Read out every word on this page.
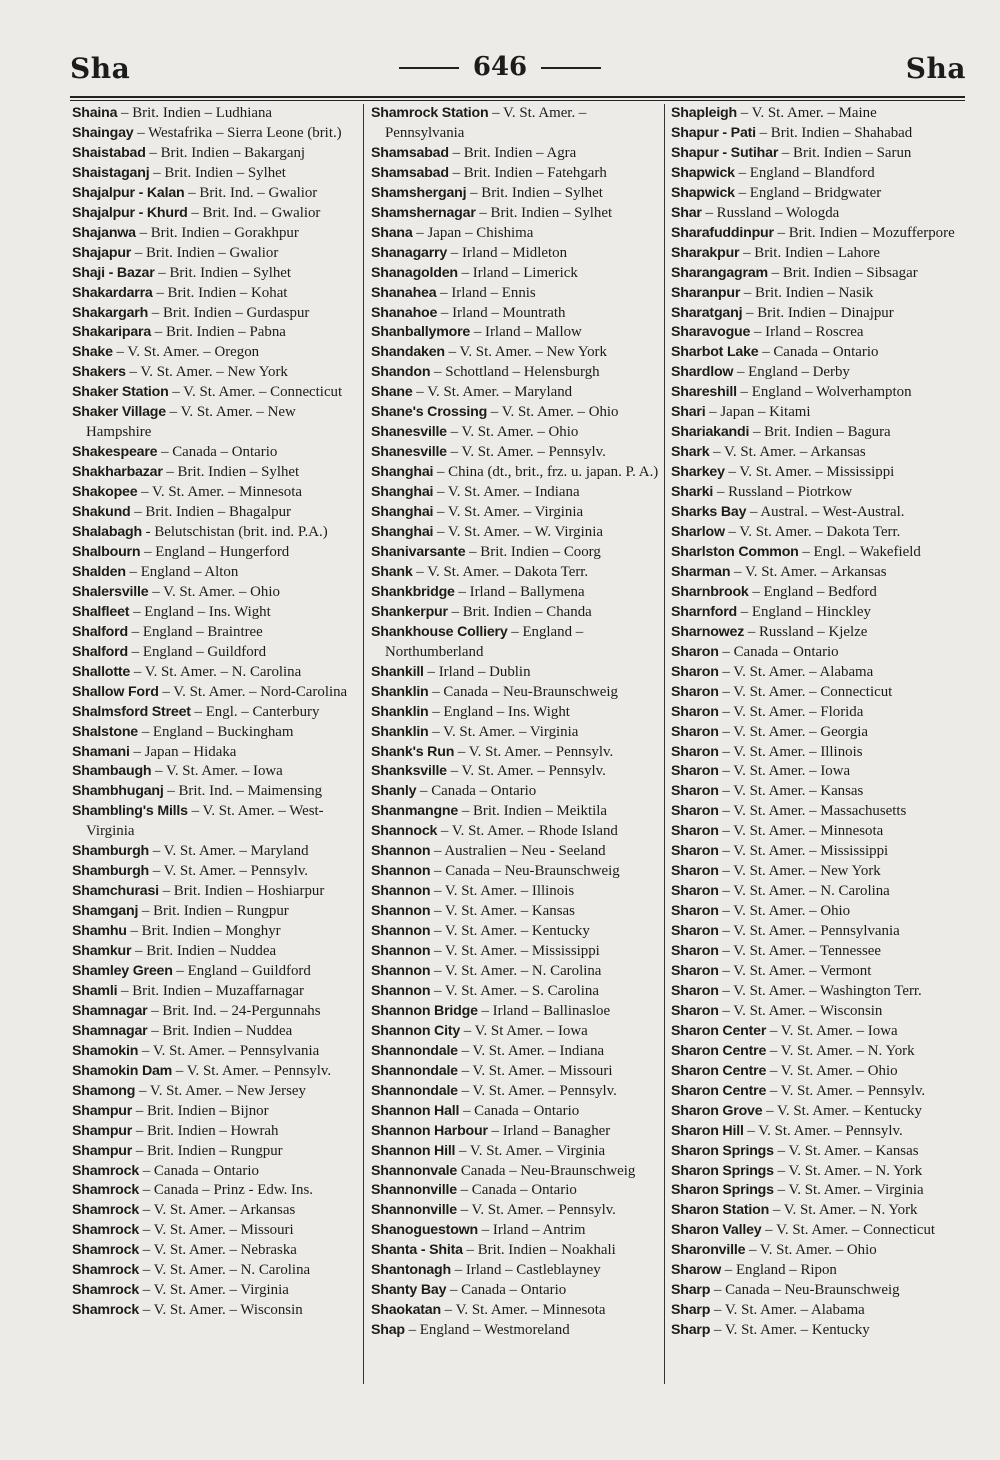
Sha	646	Sha
Shaina – Brit. Indien – Ludhiana
Shaingay – Westafrika – Sierra Leone (brit.)
Shaistabad – Brit. Indien – Bakarganj
Shaistaganj – Brit. Indien – Sylhet
Shajalpur - Kalan – Brit. Ind. – Gwalior
Shajalpur - Khurd – Brit. Ind. – Gwalior
Shajanwa – Brit. Indien – Gorakhpur
Shajapur – Brit. Indien – Gwalior
Shaji - Bazar – Brit. Indien – Sylhet
Shakardarra – Brit. Indien – Kohat
Shakargarh – Brit. Indien – Gurdaspur
Shakaripara – Brit. Indien – Pabna
Shake – V. St. Amer. – Oregon
Shakers – V. St. Amer. – New York
Shaker Station – V. St. Amer. – Connecticut
Shaker Village – V. St. Amer. – New Hampshire
Shakespeare – Canada – Ontario
Shakharbazar – Brit. Indien – Sylhet
Shakopee – V. St. Amer. – Minnesota
Shakund – Brit. Indien – Bhagalpur
Shalabagh - Belutschistan (brit. ind. P.A.)
Shalbourn – England – Hungerford
Shalden – England – Alton
Shalersville – V. St. Amer. – Ohio
Shalfleet – England – Ins. Wight
Shalford – England – Braintree
Shalford – England – Guildford
Shallotte – V. St. Amer. – N. Carolina
Shallow Ford – V. St. Amer. – Nord-Carolina
Shalmsford Street – Engl. – Canterbury
Shalstone – England – Buckingham
Shamani – Japan – Hidaka
Shambaugh – V. St. Amer. – Iowa
Shambhuganj – Brit. Ind. – Maimensing
Shambling's Mills – V. St. Amer. – West-Virginia
Shamburgh – V. St. Amer. – Maryland
Shamburgh – V. St. Amer. – Pennsylv.
Shamchurasi – Brit. Indien – Hoshiarpur
Shamganj – Brit. Indien – Rungpur
Shamhu – Brit. Indien – Monghyr
Shamkur – Brit. Indien – Nuddea
Shamley Green – England – Guildford
Shamli – Brit. Indien – Muzaffarnagar
Shamnagar – Brit. Ind. – 24-Pergunnahs
Shamnagar – Brit. Indien – Nuddea
Shamokin – V. St. Amer. – Pennsylvania
Shamokin Dam – V. St. Amer. – Pennsylv.
Shamong – V. St. Amer. – New Jersey
Shampur – Brit. Indien – Bijnor
Shampur – Brit. Indien – Howrah
Shampur – Brit. Indien – Rungpur
Shamrock – Canada – Ontario
Shamrock – Canada – Prinz - Edw. Ins.
Shamrock – V. St. Amer. – Arkansas
Shamrock – V. St. Amer. – Missouri
Shamrock – V. St. Amer. – Nebraska
Shamrock – V. St. Amer. – N. Carolina
Shamrock – V. St. Amer. – Virginia
Shamrock – V. St. Amer. – Wisconsin
Shamrock Station – V. St. Amer. – Pennsylvania
Shamsabad – Brit. Indien – Agra
Shamsabad – Brit. Indien – Fatehgarh
Shamsherganj – Brit. Indien – Sylhet
Shamshernagar – Brit. Indien – Sylhet
Shana – Japan – Chishima
Shanagarry – Irland – Midleton
Shanagolden – Irland – Limerick
Shanahea – Irland – Ennis
Shanahoe – Irland – Mountrath
Shanballymore – Irland – Mallow
Shandaken – V. St. Amer. – New York
Shandon – Schottland – Helensburgh
Shane – V. St. Amer. – Maryland
Shane's Crossing – V. St. Amer. – Ohio
Shanesville – V. St. Amer. – Ohio
Shanesville – V. St. Amer. – Pennsylv.
Shanghai – China (dt., brit., frz. u. japan. P. A.)
Shanghai – V. St. Amer. – Indiana
Shanghai – V. St. Amer. – Virginia
Shanghai – V. St. Amer. – W. Virginia
Shanivarsante – Brit. Indien – Coorg
Shank – V. St. Amer. – Dakota Terr.
Shankbridge – Irland – Ballymena
Shankerpur – Brit. Indien – Chanda
Shankhouse Colliery – England – Northumberland
Shankill – Irland – Dublin
Shanklin – Canada – Neu-Braunschweig
Shanklin – England – Ins. Wight
Shanklin – V. St. Amer. – Virginia
Shank's Run – V. St. Amer. – Pennsylv.
Shanksville – V. St. Amer. – Pennsylv.
Shanly – Canada – Ontario
Shanmangne – Brit. Indien – Meiktila
Shannock – V. St. Amer. – Rhode Island
Shannon – Australien – Neu - Seeland
Shannon – Canada – Neu-Braunschweig
Shannon – V. St. Amer. – Illinois
Shannon – V. St. Amer. – Kansas
Shannon – V. St. Amer. – Kentucky
Shannon – V. St. Amer. – Mississippi
Shannon – V. St. Amer. – N. Carolina
Shannon – V. St. Amer. – S. Carolina
Shannon Bridge – Irland – Ballinasloe
Shannon City – V. St Amer. – Iowa
Shannondale – V. St. Amer. – Indiana
Shannondale – V. St. Amer. – Missouri
Shannondale – V. St. Amer. – Pennsylv.
Shannon Hall – Canada – Ontario
Shannon Harbour – Irland – Banagher
Shannon Hill – V. St. Amer. – Virginia
Shannonvale Canada – Neu-Braunschweig
Shannonville – Canada – Ontario
Shannonville – V. St. Amer. – Pennsylv.
Shanoguestown – Irland – Antrim
Shanta - Shita – Brit. Indien – Noakhali
Shantonagh – Irland – Castleblayney
Shanty Bay – Canada – Ontario
Shaokatan – V. St. Amer. – Minnesota
Shap – England – Westmoreland
Shapleigh – V. St. Amer. – Maine
Shapur - Pati – Brit. Indien – Shahabad
Shapur - Sutihar – Brit. Indien – Sarun
Shapwick – England – Blandford
Shapwick – England – Bridgwater
Shar – Russland – Wologda
Sharafuddinpur – Brit. Indien – Mozufferpore
Sharakpur – Brit. Indien – Lahore
Sharangagram – Brit. Indien – Sibsagar
Sharanpur – Brit. Indien – Nasik
Sharatganj – Brit. Indien – Dinajpur
Sharavogue – Irland – Roscrea
Sharbot Lake – Canada – Ontario
Shardlow – England – Derby
Shareshill – England – Wolverhampton
Shari – Japan – Kitami
Shariakandi – Brit. Indien – Bagura
Shark – V. St. Amer. – Arkansas
Sharkey – V. St. Amer. – Mississippi
Sharki – Russland – Piotrkow
Sharks Bay – Austral. – West-Austral.
Sharlow – V. St. Amer. – Dakota Terr.
Sharlston Common – Engl. – Wakefield
Sharman – V. St. Amer. – Arkansas
Sharnbrook – England – Bedford
Sharnford – England – Hinckley
Sharnowez – Russland – Kjelze
Sharon – Canada – Ontario
Sharon – V. St. Amer. – Alabama
Sharon – V. St. Amer. – Connecticut
Sharon – V. St. Amer. – Florida
Sharon – V. St. Amer. – Georgia
Sharon – V. St. Amer. – Illinois
Sharon – V. St. Amer. – Iowa
Sharon – V. St. Amer. – Kansas
Sharon – V. St. Amer. – Massachusetts
Sharon – V. St. Amer. – Minnesota
Sharon – V. St. Amer. – Mississippi
Sharon – V. St. Amer. – New York
Sharon – V. St. Amer. – N. Carolina
Sharon – V. St. Amer. – Ohio
Sharon – V. St. Amer. – Pennsylvania
Sharon – V. St. Amer. – Tennessee
Sharon – V. St. Amer. – Vermont
Sharon – V. St. Amer. – Washington Terr.
Sharon – V. St. Amer. – Wisconsin
Sharon Center – V. St. Amer. – Iowa
Sharon Centre – V. St. Amer. – N. York
Sharon Centre – V. St. Amer. – Ohio
Sharon Centre – V. St. Amer. – Pennsylv.
Sharon Grove – V. St. Amer. – Kentucky
Sharon Hill – V. St. Amer. – Pennsylv.
Sharon Springs – V. St. Amer. – Kansas
Sharon Springs – V. St. Amer. – N. York
Sharon Springs – V. St. Amer. – Virginia
Sharon Station – V. St. Amer. – N. York
Sharon Valley – V. St. Amer. – Connecticut
Sharonville – V. St. Amer. – Ohio
Sharow – England – Ripon
Sharp – Canada – Neu-Braunschweig
Sharp – V. St. Amer. – Alabama
Sharp – V. St. Amer. – Kentucky
